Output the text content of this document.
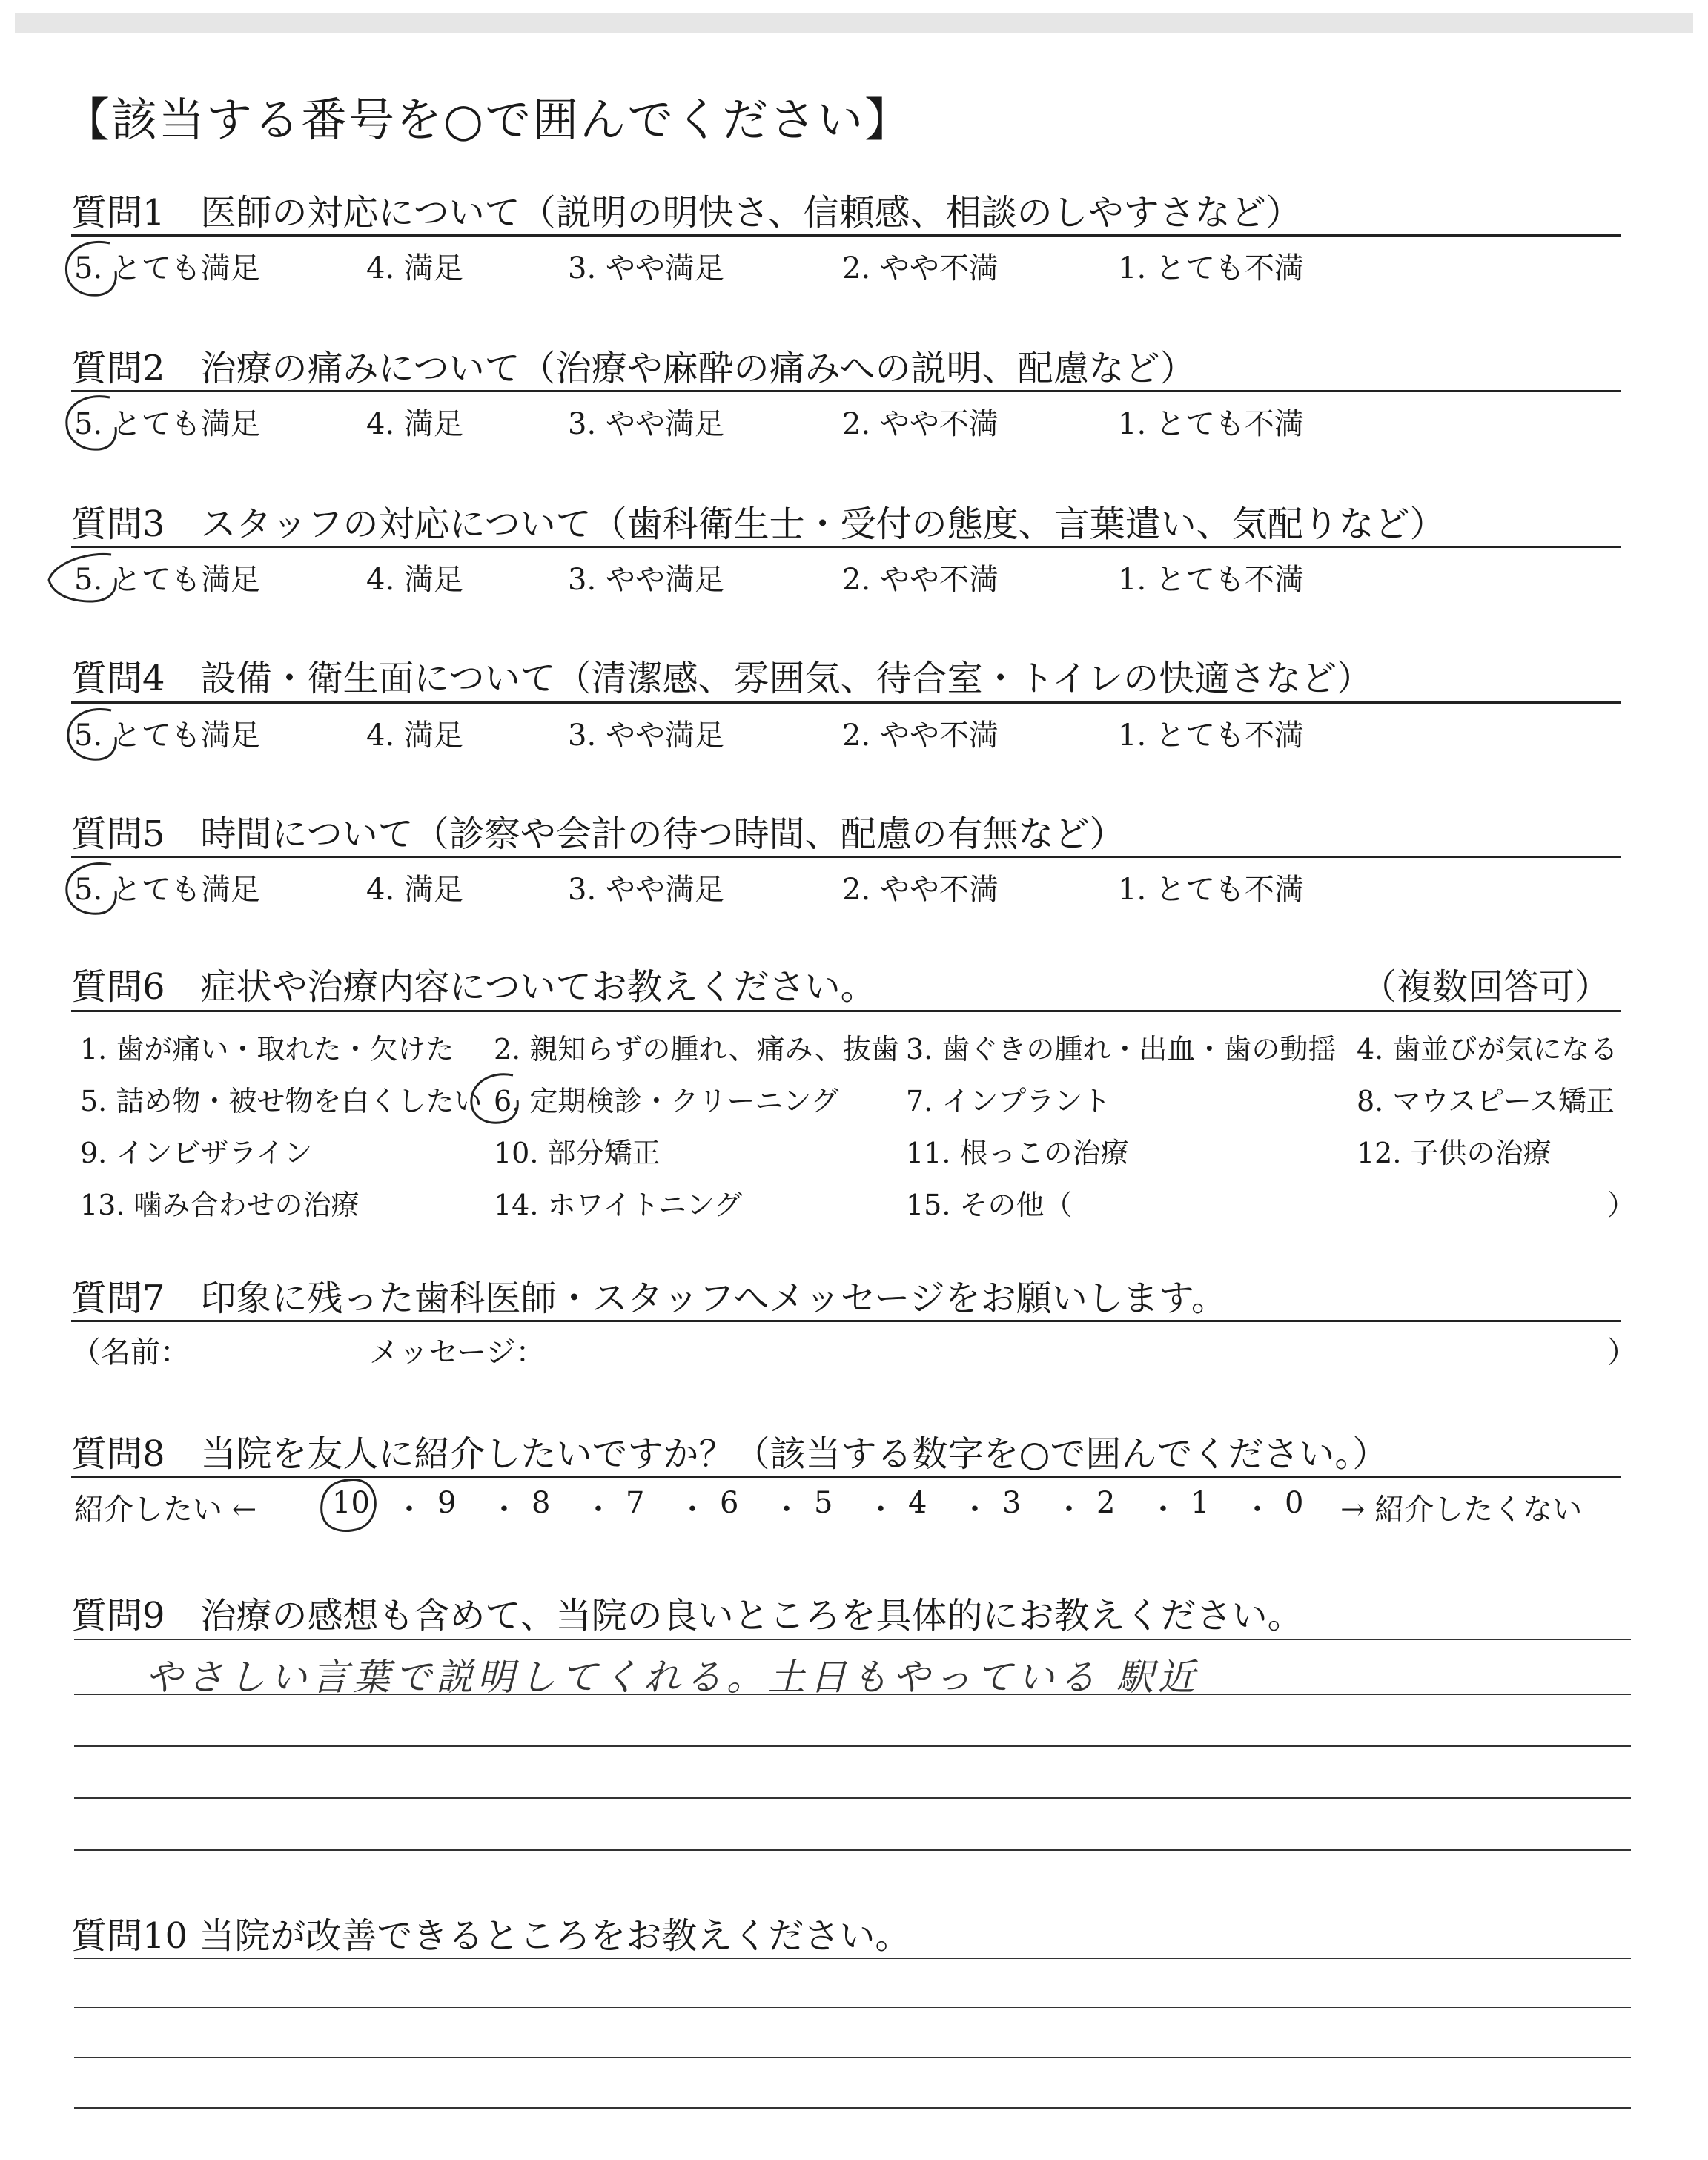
【該当する番号を○で囲んでください】
質問1　医師の対応について（説明の明快さ、信頼感、相談のしやすさなど）
5. とても満足	4. 満足	3. やや満足	2. やや不満	1. とても不満
質問2　治療の痛みについて（治療や麻酔の痛みへの説明、配慮など）
5. とても満足	4. 満足	3. やや満足	2. やや不満	1. とても不満
質問3　スタッフの対応について（歯科衛生士・受付の態度、言葉遣い、気配りなど）
5. とても満足	4. 満足	3. やや満足	2. やや不満	1. とても不満
質問4　設備・衛生面について（清潔感、雰囲気、待合室・トイレの快適さなど）
5. とても満足	4. 満足	3. やや満足	2. やや不満	1. とても不満
質問5　時間について（診察や会計の待つ時間、配慮の有無など）
5. とても満足	4. 満足	3. やや満足	2. やや不満	1. とても不満
質問6　症状や治療内容についてお教えください。	（複数回答可）
1. 歯が痛い・取れた・欠けた 2. 親知らずの腫れ、痛み、抜歯 3. 歯ぐきの腫れ・出血・歯の動揺 4. 歯並びが気になる
5. 詰め物・被せ物を白くしたい 6. 定期検診・クリーニング 7. インプラント	8. マウスピース矯正
9. インビザライン	10. 部分矯正	11. 根っこの治療	12. 子供の治療
13. 噛み合わせの治療	14. ホワイトニング	15. その他（	）
質問7　印象に残った歯科医師・スタッフへメッセージをお願いします。
（名前：	メッセージ：	）
質問8　当院を友人に紹介したいですか？（該当する数字を○で囲んでください。）
紹介したい ←	→ 紹介したくない
10 ・ 9 ・ 8 ・ 7 ・ 6 ・ 5 ・ 4 ・ 3 ・ 2 ・ 1 ・ 0
質問9　治療の感想も含めて、当院の良いところを具体的にお教えください。
やさしい言葉で説明してくれる。土日もやっている 駅近
質問10 当院が改善できるところをお教えください。
